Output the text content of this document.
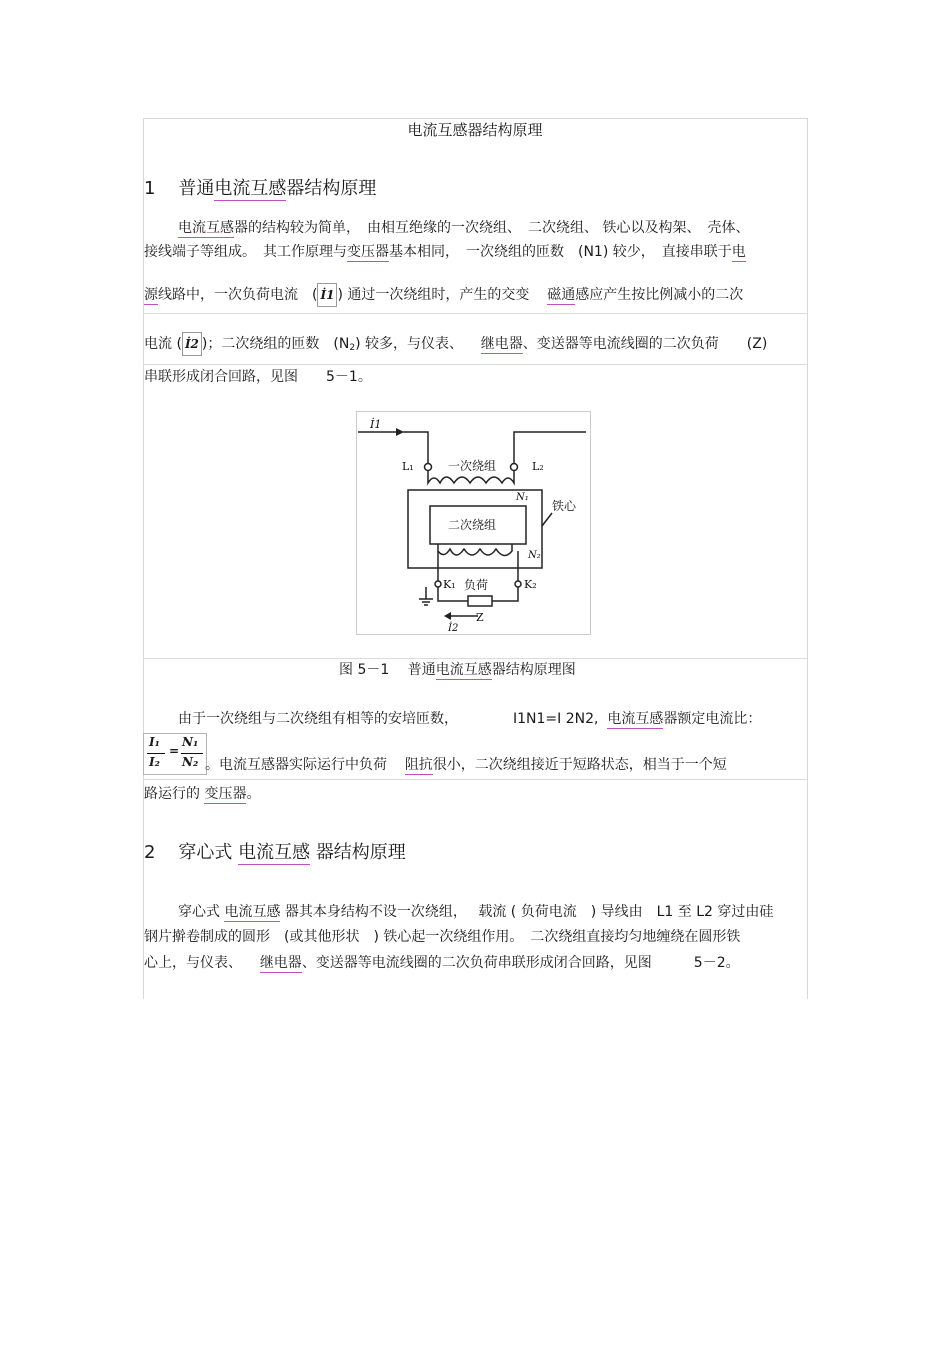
电流互感器结构原理
1 普通电流互感器结构原理
电流互感器的结构较为简单，　由相互绝缘的一次绕组、　二次绕组、 铁心以及构架、　壳体、
接线端子等组成。　其工作原理与变压器基本相同，　一次绕组的匝数　(N1) 较少，　直接串联于电
源线路中，一次负荷电流　( İ1 ) 通过一次绕组时，产生的交变 磁通感应产生按比例减小的二次
电流 ( İ2 )；二次绕组的匝数　$(N_2)$ 较多，与仪表、 继电器、变送器等电流线圈的二次负荷　　(Z)
串联形成闭合回路，见图　　5－1。
İ1
L₁	L₂
一次绕组
N₁
铁心
二次绕组
N₂
K₁	K₂
负荷
Z
İ2
图 5－1　 普通电流互感器结构原理图
由于一次绕组与二次绕组有相等的安培匝数，	I1N1=I 2N2, 电流互感器额定电流比：
I₁
I₂
=
N₁
N₂ 。电流互感器实际运行中负荷 阻抗很小，二次绕组接近于短路状态，相当于一个短
路运行的 变压器。
2 穿心式 电流互感 器结构原理
穿心式 电流互感 器其本身结构不设一次绕组，　 载流 ( 负荷电流　) 导线由　L1 至 L2 穿过由硅
钢片擀卷制成的圆形　(或其他形状　) 铁心起一次绕组作用。　二次绕组直接均匀地缠绕在圆形铁
心上，与仪表、 继电器、变送器等电流线圈的二次负荷串联形成闭合回路，见图　　　5－2。
